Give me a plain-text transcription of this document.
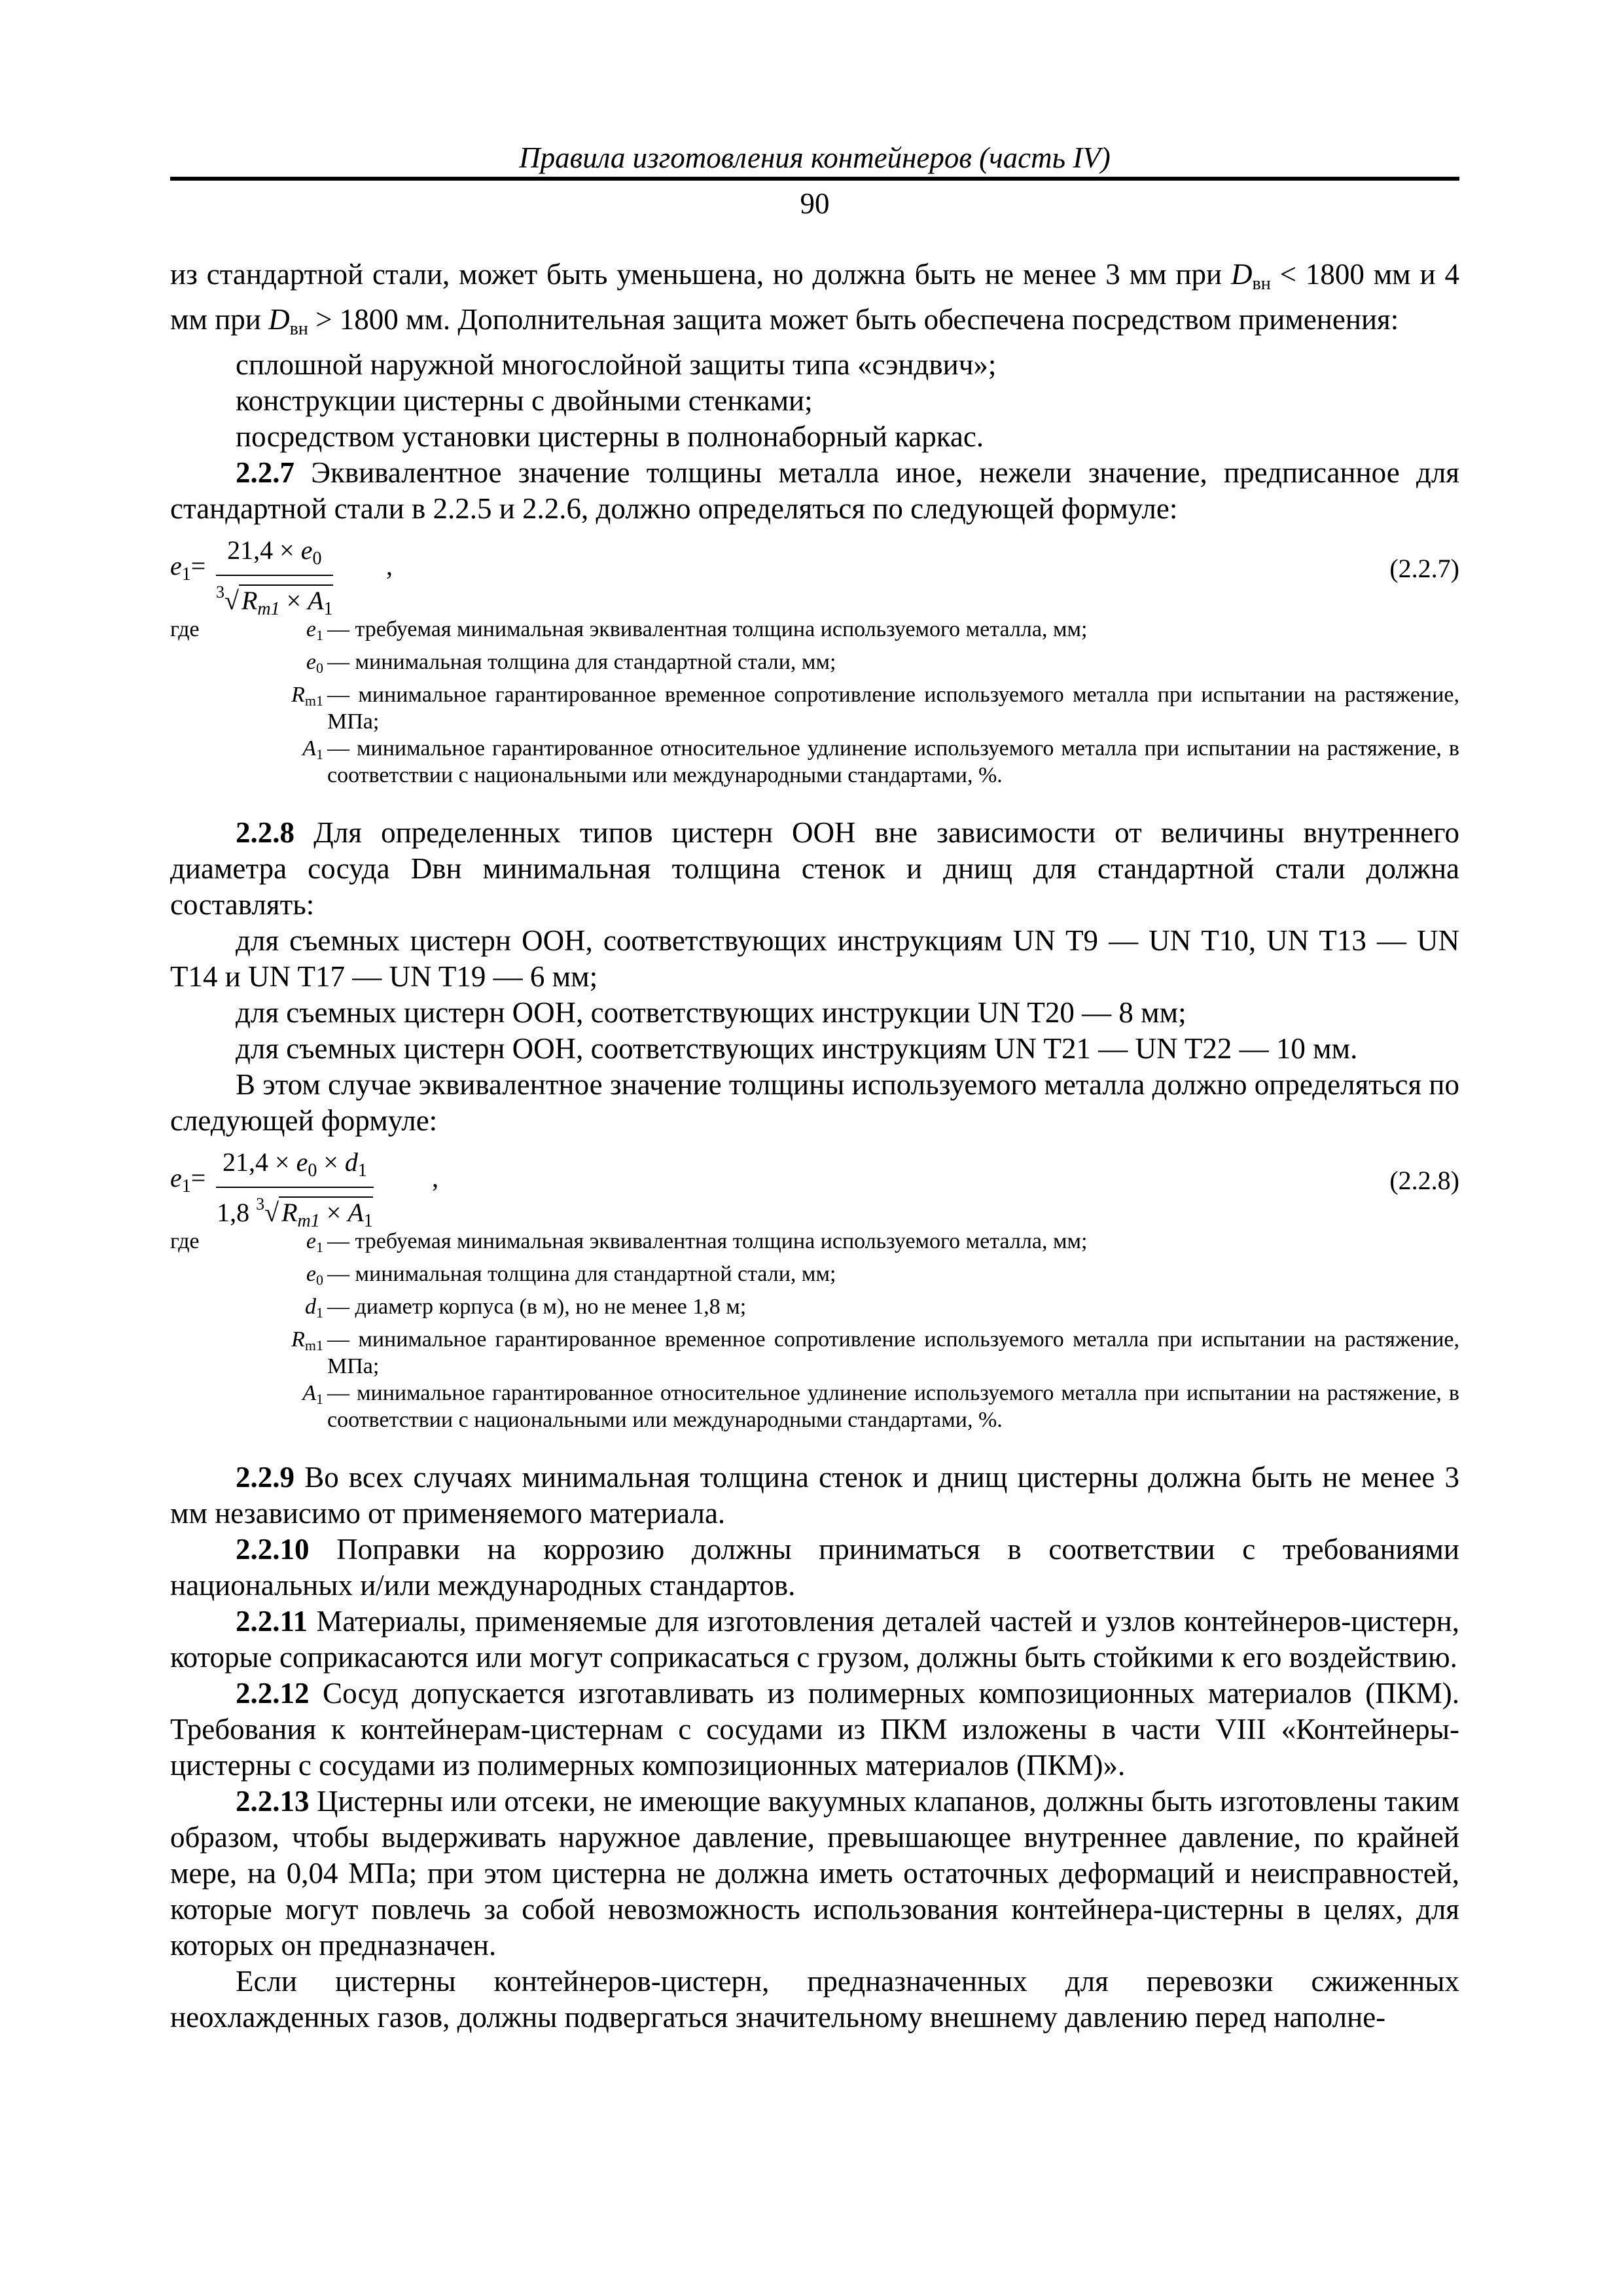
Правила изготовления контейнеров (часть IV)
90

из стандартной стали, может быть уменьшена, но должна быть не менее 3 мм при $D_{вн} < 1800$ мм и 4 мм при $D_{вн} > 1800$ мм. Дополнительная защита может быть обеспечена посредством применения:

сплошной наружной многослойной защиты типа «сэндвич»;

конструкции цистерны с двойными стенками;

посредством установки цистерны в полнонаборный каркас.

2.2.7 Эквивалентное значение толщины металла иное, нежели значение, предписанное для стандартной стали в 2.2.5 и 2.2.6, должно определяться по следующей формуле:

$e_1= \frac{21,4 \times e_0}{^3√ R_{m1} \times A_1}$ ,	(2.2.7)
где	$e_1$ — требуемая минимальная эквивалентная толщина используемого металла, мм;
$e_0$ — минимальная толщина для стандартной стали, мм;
$R_{m1}$ — минимальное гарантированное временное сопротивление используемого металла при испытании на растяжение, МПа;
$A_1$ — минимальное гарантированное относительное удлинение используемого металла при испытании на растяжение, в соответствии с национальными или международными стандартами, %.

2.2.8 Для определенных типов цистерн ООН вне зависимости от величины внутреннего диаметра сосуда Dвн минимальная толщина стенок и днищ для стандартной стали должна составлять:

для съемных цистерн ООН, соответствующих инструкциям UN T9 — UN T10, UN T13 — UN T14 и UN T17 — UN T19 — 6 мм;

для съемных цистерн ООН, соответствующих инструкции UN T20 — 8 мм;

для съемных цистерн ООН, соответствующих инструкциям UN T21 — UN T22 — 10 мм.

В этом случае эквивалентное значение толщины используемого металла должно определяться по следующей формуле:

$e_1= \frac{21,4 \times e_0 \times d_1}{1,8 ^3√ R_{m1} \times A_1}$ ,	(2.2.8)
где	$e_1$ — требуемая минимальная эквивалентная толщина используемого металла, мм;
$e_0$ — минимальная толщина для стандартной стали, мм;
$d_1$ — диаметр корпуса (в м), но не менее 1,8 м;
$R_{m1}$ — минимальное гарантированное временное сопротивление используемого металла при испытании на растяжение, МПа;
$A_1$ — минимальное гарантированное относительное удлинение используемого металла при испытании на растяжение, в соответствии с национальными или международными стандартами, %.

2.2.9 Во всех случаях минимальная толщина стенок и днищ цистерны должна быть не менее 3 мм независимо от применяемого материала.

2.2.10 Поправки на коррозию должны приниматься в соответствии с требованиями национальных и/или международных стандартов.

2.2.11 Материалы, применяемые для изготовления деталей частей и узлов контейнеров-цистерн, которые соприкасаются или могут соприкасаться с грузом, должны быть стойкими к его воздействию.

2.2.12 Сосуд допускается изготавливать из полимерных композиционных материалов (ПКМ). Требования к контейнерам-цистернам с сосудами из ПКМ изложены в части VIII «Контейнеры-цистерны с сосудами из полимерных композиционных материалов (ПКМ)».

2.2.13 Цистерны или отсеки, не имеющие вакуумных клапанов, должны быть изготовлены таким образом, чтобы выдерживать наружное давление, превышающее внутреннее давление, по крайней мере, на 0,04 МПа; при этом цистерна не должна иметь остаточных деформаций и неисправностей, которые могут повлечь за собой невозможность использования контейнера-цистерны в целях, для которых он предназначен.

Если цистерны контейнеров-цистерн, предназначенных для перевозки сжиженных неохлажденных газов, должны подвергаться значительному внешнему давлению перед наполне-
